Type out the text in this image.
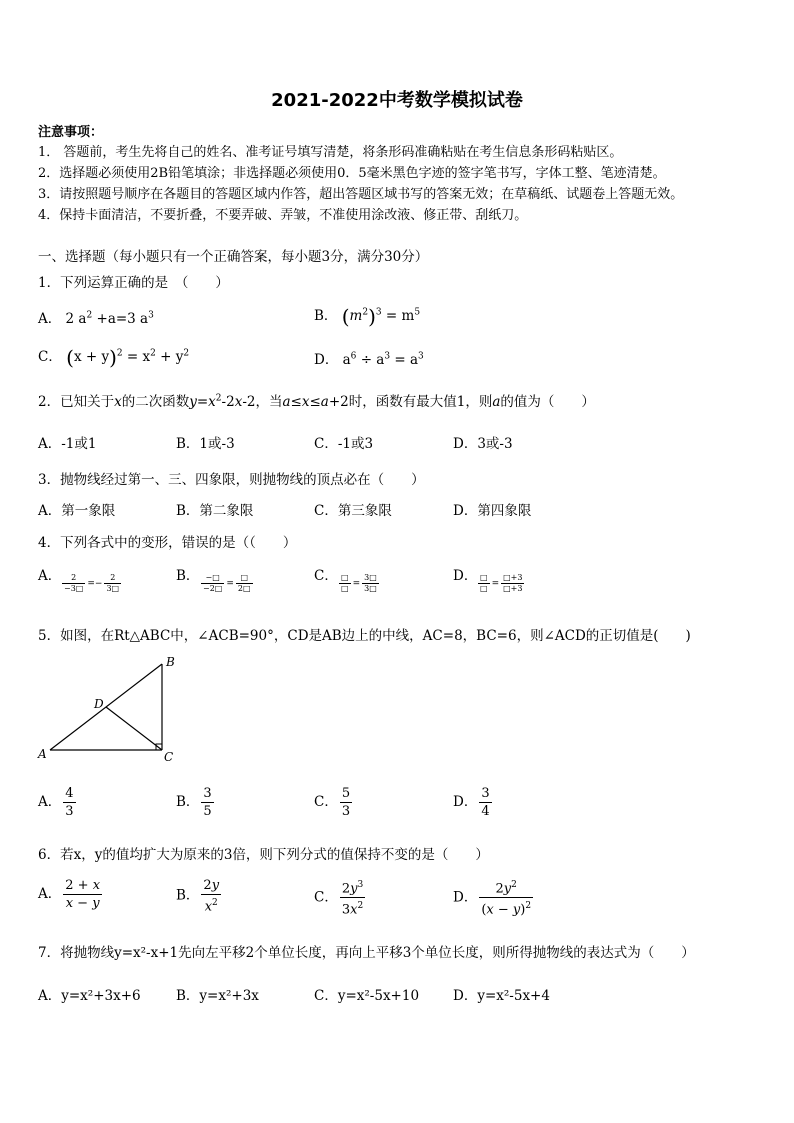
2021-2022中考数学模拟试卷
注意事项：
1． 答题前，考生先将自己的姓名、准考证号填写清楚，将条形码准确粘贴在考生信息条形码粘贴区。
2．选择题必须使用2B铅笔填涂；非选择题必须使用0．5毫米黑色字迹的签字笔书写，字体工整、笔迹清楚。
3．请按照题号顺序在各题目的答题区域内作答，超出答题区域书写的答案无效；在草稿纸、试题卷上答题无效。
4．保持卡面清洁，不要折叠，不要弄破、弄皱，不准使用涂改液、修正带、刮纸刀。
一、选择题（每小题只有一个正确答案，每小题3分，满分30分）
1．下列运算正确的是　（　　）
A． 2 $a^2 +a=3$ $a^3$	B． $(m^2)^3 = m^5$
C． $(x + y)^2 = x^2 + y^2$	D． $a^6 \div a^3 = a^3$
2．已知关于x的二次函数$y=x^2-2x-2$，当a≤x≤a+2时，函数有最大值1，则a的值为（　　）
A．-1或1	B．1或-3	C．-1或3	D．3或-3
3．抛物线经过第一、三、四象限，则抛物线的顶点必在（　　）
A．第一象限	B．第二象限	C．第三象限	D．第四象限
4．下列各式中的变形，错误的是（（　　）
A． $\frac{2}{-3□} =- \frac{2}{3□}$	B． $\frac{-□}{-2□} = \frac{□}{2□}$	C． $\frac{□}{□} = \frac{3□}{3□}$	D． $\frac{□}{□} = \frac{□+3}{□+3}$
5．如图，在Rt△ABC中，∠ACB=90°，CD是AB边上的中线，AC=8，BC=6，则∠ACD的正切值是(　　)
A
B
C
D
A． $\frac{4}{3}$	B． $\frac{3}{5}$	C． $\frac{5}{3}$	D． $\frac{3}{4}$
6．若x，y的值均扩大为原来的3倍，则下列分式的值保持不变的是（　　）
A． $\frac{2 + x}{x - y}$	B． $\frac{2y}{x^2}$	C． $\frac{2y^3}{3x^2}$	D． $\frac{2y^2}{(x - y)^2}$
7．将抛物线y=x²-x+1先向左平移2个单位长度，再向上平移3个单位长度，则所得抛物线的表达式为（　　）
A．y=x²+3x+6	B．y=x²+3x	C．y=x²-5x+10	D．y=x²-5x+4
